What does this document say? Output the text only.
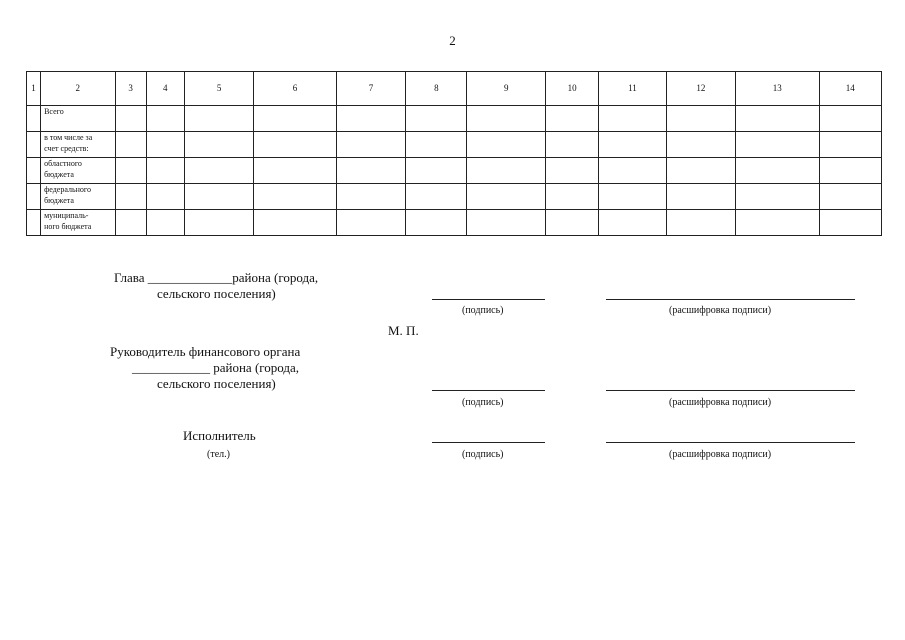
2
1	2	3	4	5	6	7	8	9	10	11	12	13	14

	Всего												

	в том числе за
счет средств:												

	областного
бюджета												

	федерального
бюджета												

	муниципаль-
ного бюджета												

Глава _____________района (города,
сельского поселения)
(подпись)	(расшифровка подписи)
М. П.
Руководитель финансового органа
____________ района (города,
сельского поселения)
(подпись)	(расшифровка подписи)
Исполнитель
(тел.)	(подпись)	(расшифровка подписи)
